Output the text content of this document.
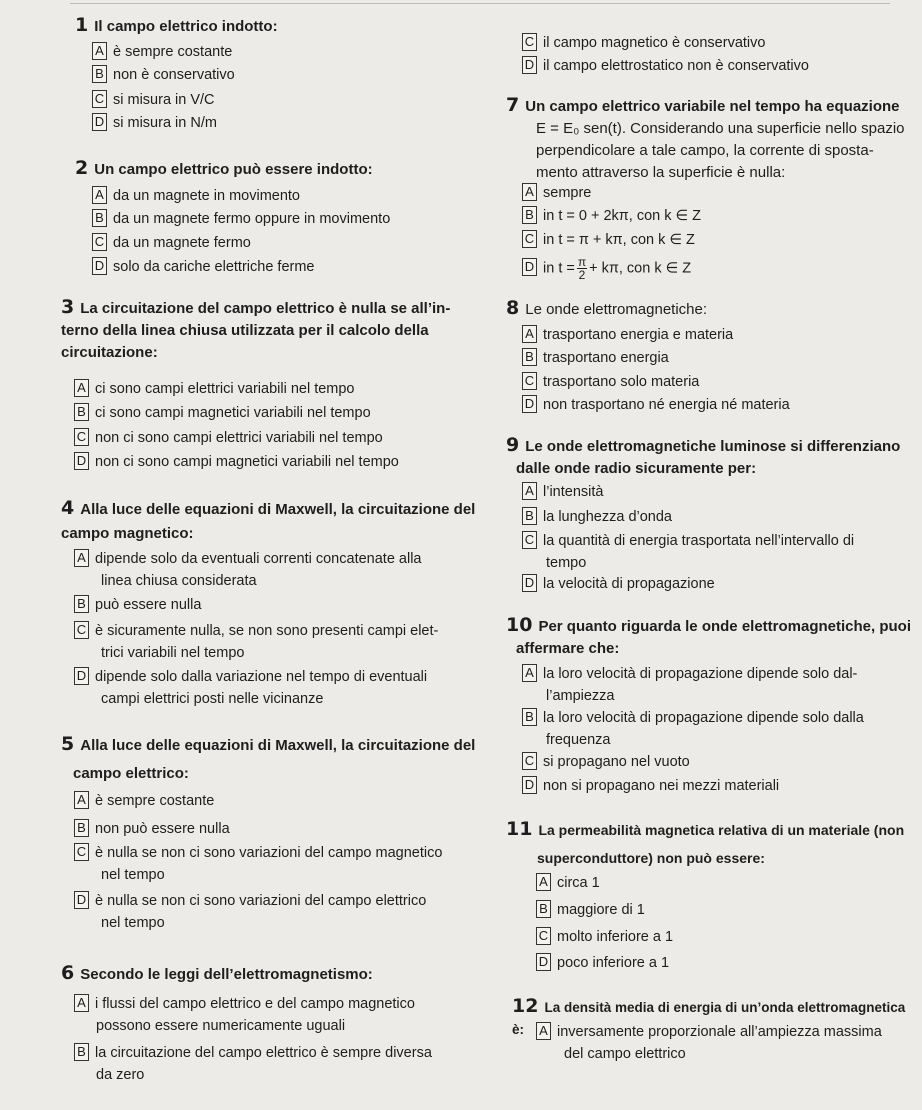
1 Il campo elettrico indotto:
A è sempre costante
B non è conservativo
C si misura in V/C
D si misura in N/m
2 Un campo elettrico può essere indotto:
A da un magnete in movimento
B da un magnete fermo oppure in movimento
C da un magnete fermo
D solo da cariche elettriche ferme
3 La circuitazione del campo elettrico è nulla se all’in-
terno della linea chiusa utilizzata per il calcolo della
circuitazione:
A ci sono campi elettrici variabili nel tempo
B ci sono campi magnetici variabili nel tempo
C non ci sono campi elettrici variabili nel tempo
D non ci sono campi magnetici variabili nel tempo
4 Alla luce delle equazioni di Maxwell, la circuitazione del
campo magnetico:
A dipende solo da eventuali correnti concatenate alla
linea chiusa considerata
B può essere nulla
C è sicuramente nulla, se non sono presenti campi elet-
trici variabili nel tempo
D dipende solo dalla variazione nel tempo di eventuali
campi elettrici posti nelle vicinanze
5 Alla luce delle equazioni di Maxwell, la circuitazione del
campo elettrico:
A è sempre costante
B non può essere nulla
C è nulla se non ci sono variazioni del campo magnetico
nel tempo
D è nulla se non ci sono variazioni del campo elettrico
nel tempo
6 Secondo le leggi dell’elettromagnetismo:
A i flussi del campo elettrico e del campo magnetico
possono essere numericamente uguali
B la circuitazione del campo elettrico è sempre diversa
da zero
C il campo magnetico è conservativo
D il campo elettrostatico non è conservativo
7 Un campo elettrico variabile nel tempo ha equazione
E = E₀ sen(t). Considerando una superficie nello spazio
perpendicolare a tale campo, la corrente di sposta-
mento attraverso la superficie è nulla:
A sempre
B in t = 0 + 2kπ, con k ∈ Z
C in t = π + kπ, con k ∈ Z
D in $t = \frac{\pi}{2} + k\pi$, con k ∈ Z
8 Le onde elettromagnetiche:
A trasportano energia e materia
B trasportano energia
C trasportano solo materia
D non trasportano né energia né materia
9 Le onde elettromagnetiche luminose si differenziano
dalle onde radio sicuramente per:
A l’intensità
B la lunghezza d’onda
C la quantità di energia trasportata nell’intervallo di
tempo
D la velocità di propagazione
10 Per quanto riguarda le onde elettromagnetiche, puoi
affermare che:
A la loro velocità di propagazione dipende solo dal-
l’ampiezza
B la loro velocità di propagazione dipende solo dalla
frequenza
C si propagano nel vuoto
D non si propagano nei mezzi materiali
11 La permeabilità magnetica relativa di un materiale (non
superconduttore) non può essere:
A circa 1
B maggiore di 1
C molto inferiore a 1
D poco inferiore a 1
12 La densità media di energia di un’onda elettromagnetica è:	A inversamente proporzionale all’ampiezza massima
del campo elettrico
